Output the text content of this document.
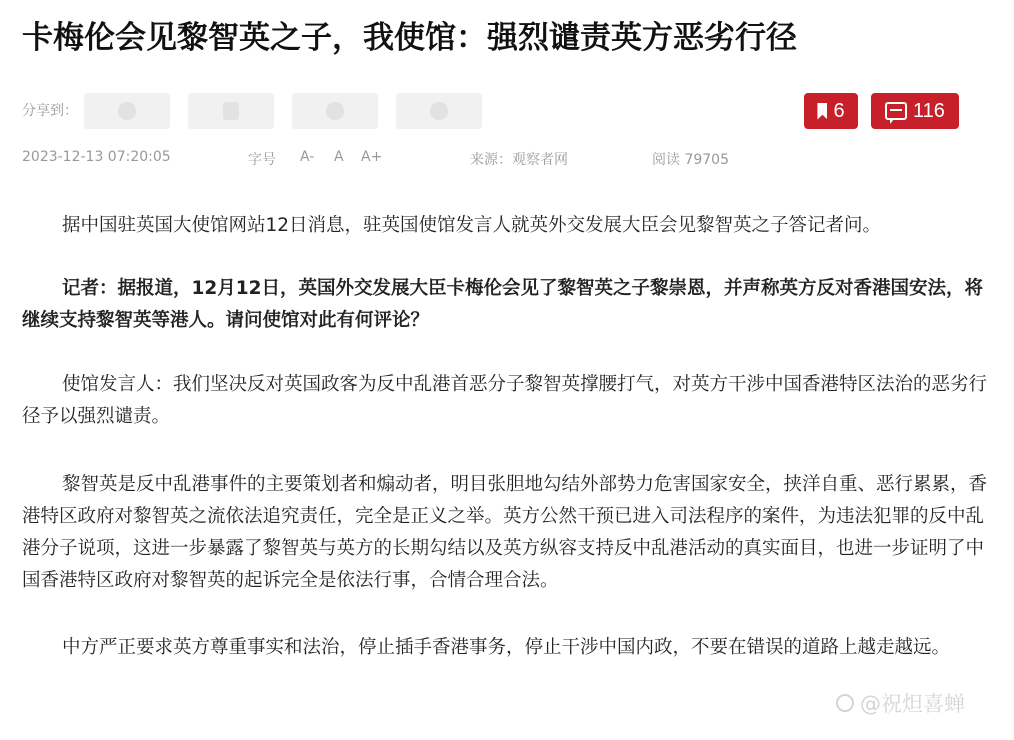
卡梅伦会见黎智英之子，我使馆：强烈谴责英方恶劣行径
分享到：	6	116
2023-12-13 07:20:05	字号 A- A A+	来源：观察者网	阅读 79705

据中国驻英国大使馆网站12日消息，驻英国使馆发言人就英外交发展大臣会见黎智英之子答记者问。

记者：据报道，12月12日，英国外交发展大臣卡梅伦会见了黎智英之子黎崇恩，并声称英方反对香港国安法，将继续支持黎智英等港人。请问使馆对此有何评论？

使馆发言人：我们坚决反对英国政客为反中乱港首恶分子黎智英撑腰打气，对英方干涉中国香港特区法治的恶劣行径予以强烈谴责。

黎智英是反中乱港事件的主要策划者和煽动者，明目张胆地勾结外部势力危害国家安全，挟洋自重、恶行累累，香港特区政府对黎智英之流依法追究责任，完全是正义之举。英方公然干预已进入司法程序的案件，为违法犯罪的反中乱港分子说项，这进一步暴露了黎智英与英方的长期勾结以及英方纵容支持反中乱港活动的真实面目，也进一步证明了中国香港特区政府对黎智英的起诉完全是依法行事，合情合理合法。

中方严正要求英方尊重事实和法治，停止插手香港事务，停止干涉中国内政，不要在错误的道路上越走越远。

@祝炟喜蝉
